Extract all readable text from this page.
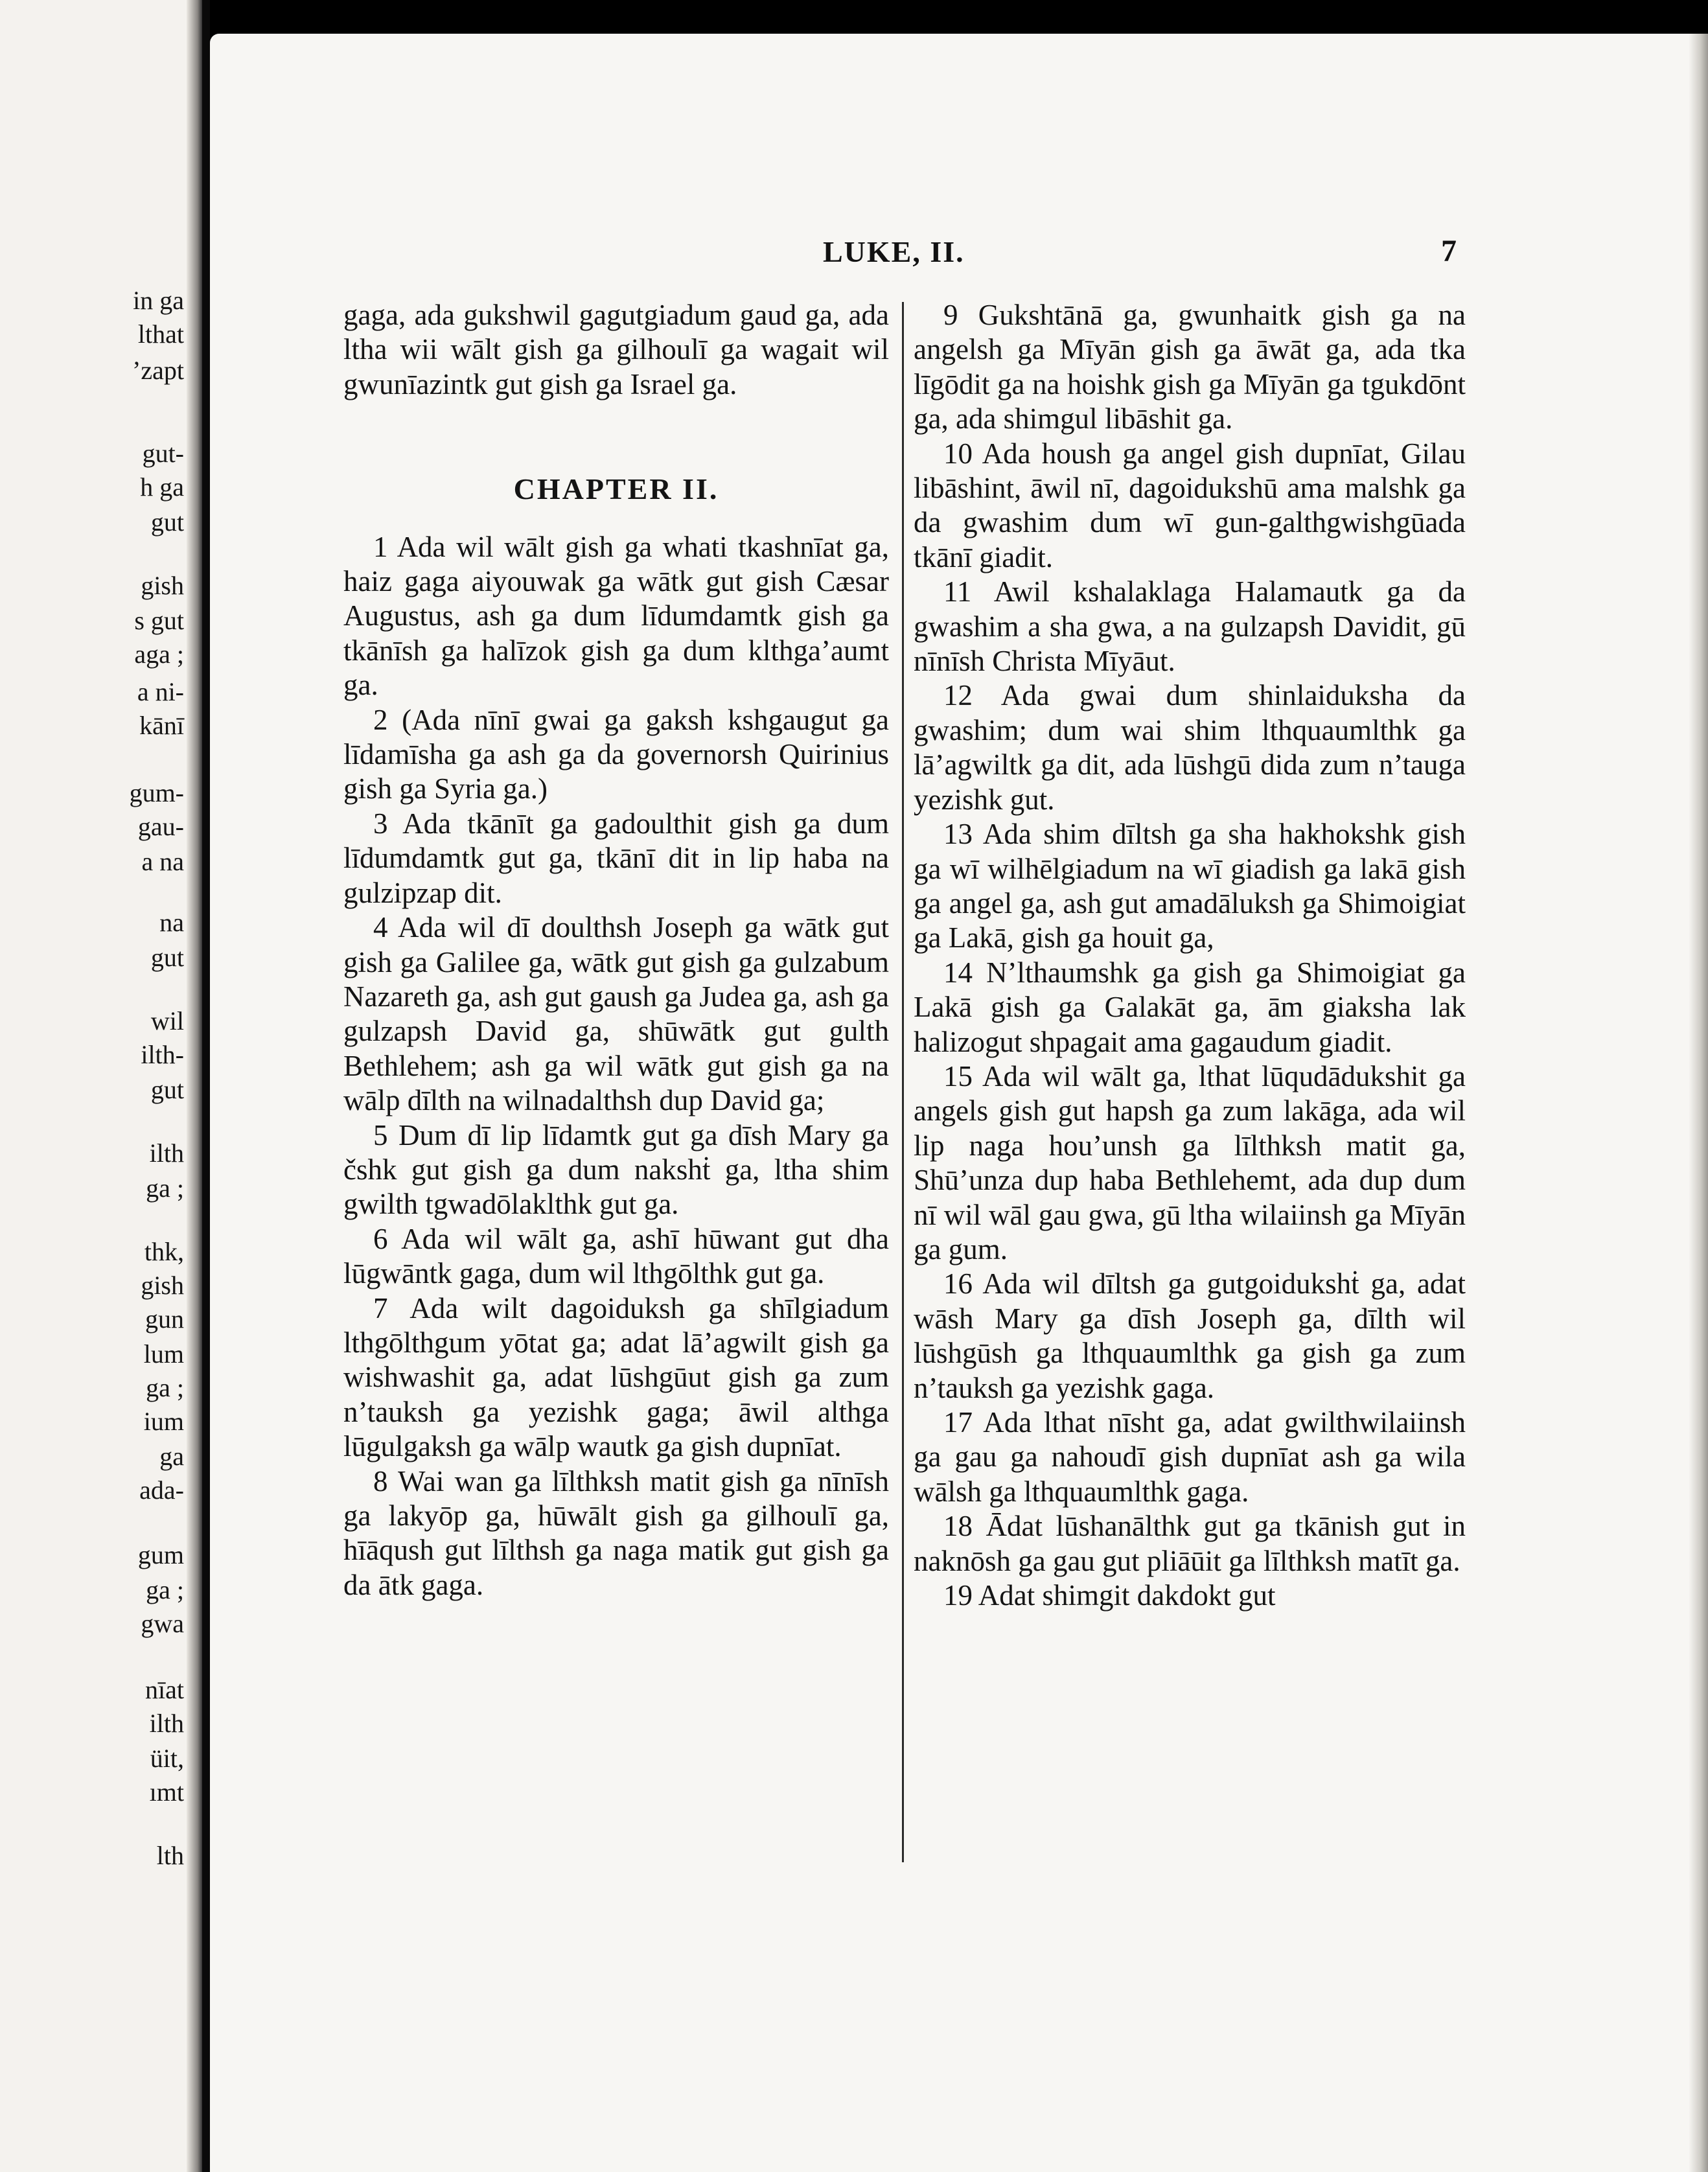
in ga
lthat
’zapt
gut-
h ga
gut
gish
s gut
aga ;
a ni-
kānī
gum-
gau-
a na
na
gut
wil
ilth-
gut
ilth
ga ;
thk,
gish
gun
lum
ga ;
ium
ga
ada-
gum
ga ;
gwa
nīat
ilth
üit,
ımt
lth
LUKE, II.	7

gaga, ada gukshwil gagutgiadum gaud ga, ada ltha wii wālt gish ga gilhoulī ga wagait wil gwunīazintk gut gish ga Israel ga.

CHAPTER II.

1 Ada wil wālt gish ga whati tkashnīat ga, haiz gaga aiyouwak ga wātk gut gish Cæsar Augustus, ash ga dum līdumdamtk gish ga tkānīsh ga halīzok gish ga dum klthga’aumt ga.

2 (Ada nīnī gwai ga gaksh kshgaugut ga līdamīsha ga ash ga da governorsh Quirinius gish ga Syria ga.)

3 Ada tkānīt ga gadoulthit gish ga dum līdumdamtk gut ga, tkānī dit in lip haba na gulzipzap dit.

4 Ada wil dī doulthsh Joseph ga wātk gut gish ga Galilee ga, wātk gut gish ga gulzabum Nazareth ga, ash gut gaush ga Judea ga, ash ga gulzapsh David ga, shūwātk gut gulth Bethlehem; ash ga wil wātk gut gish ga na wālp dīlth na wilnadalthsh dup David ga;

5 Dum dī lip līdamtk gut ga dīsh Mary ga čshk gut gish ga dum nakshṫ ga, ltha shim gwilth tgwadōlaklthk gut ga.

6 Ada wil wālt ga, ashī hūwant gut dha lūgwāntk gaga, dum wil lthgōlthk gut ga.

7 Ada wilt dagoiduksh ga shīlgiadum lthgōlthgum yōtat ga; adat lā’agwilt gish ga wishwashit ga, adat lūshgūut gish ga zum n’tauksh ga yezishk gaga; āwil althga lūgulgaksh ga wālp wautk ga gish dupnīat.

8 Wai wan ga līlthksh matit gish ga nīnīsh ga lakyōp ga, hūwālt gish ga gilhoulī ga, hīāqush gut līlthsh ga naga matik gut gish ga da ātk gaga.

9 Gukshtānā ga, gwunhaitk gish ga na angelsh ga Mīyān gish ga āwāt ga, ada tka līgōdit ga na hoishk gish ga Mīyān ga tgukdōnt ga, ada shimgul libāshit ga.

10 Ada housh ga angel gish dupnīat, Gilau libāshint, āwil nī, dagoidukshū ama malshk ga da gwashim dum wī gun-galthgwishgūada tkānī giadit.

11 Awil kshalaklaga Halamautk ga da gwashim a sha gwa, a na gulzapsh Davidit, gū nīnīsh Christa Mīyāut.

12 Ada gwai dum shinlaiduksha da gwashim; dum wai shim lthquaumlthk ga lā’agwiltk ga dit, ada lūshgū dida zum n’tauga yezishk gut.

13 Ada shim dīltsh ga sha hakhokshk gish ga wī wilhēlgiadum na wī giadish ga lakā gish ga angel ga, ash gut amadāluksh ga Shimoigiat ga Lakā, gish ga houit ga,

14 N’lthaumshk ga gish ga Shimoigiat ga Lakā gish ga Galakāt ga, ām giaksha lak halizogut shpagait ama gagaudum giadit.

15 Ada wil wālt ga, lthat lūqudādukshit ga angels gish gut hapsh ga zum lakāga, ada wil lip naga hou’unsh ga līlthksh matit ga, Shū’unza dup haba Bethlehemt, ada dup dum nī wil wāl gau gwa, gū ltha wilaiinsh ga Mīyān ga gum.

16 Ada wil dīltsh ga gutgoidukshṫ ga, adat wāsh Mary ga dīsh Joseph ga, dīlth wil lūshgūsh ga lthquaumlthk ga gish ga zum n’tauksh ga yezishk gaga.

17 Ada lthat nīsht ga, adat gwilthwilaiinsh ga gau ga nahoudī gish dupnīat ash ga wila wālsh ga lthquaumlthk gaga.

18 Ādat lūshanālthk gut ga tkānish gut in naknōsh ga gau gut pliāūit ga līlthksh matīt ga.

19 Adat shimgit dakdokt gut
